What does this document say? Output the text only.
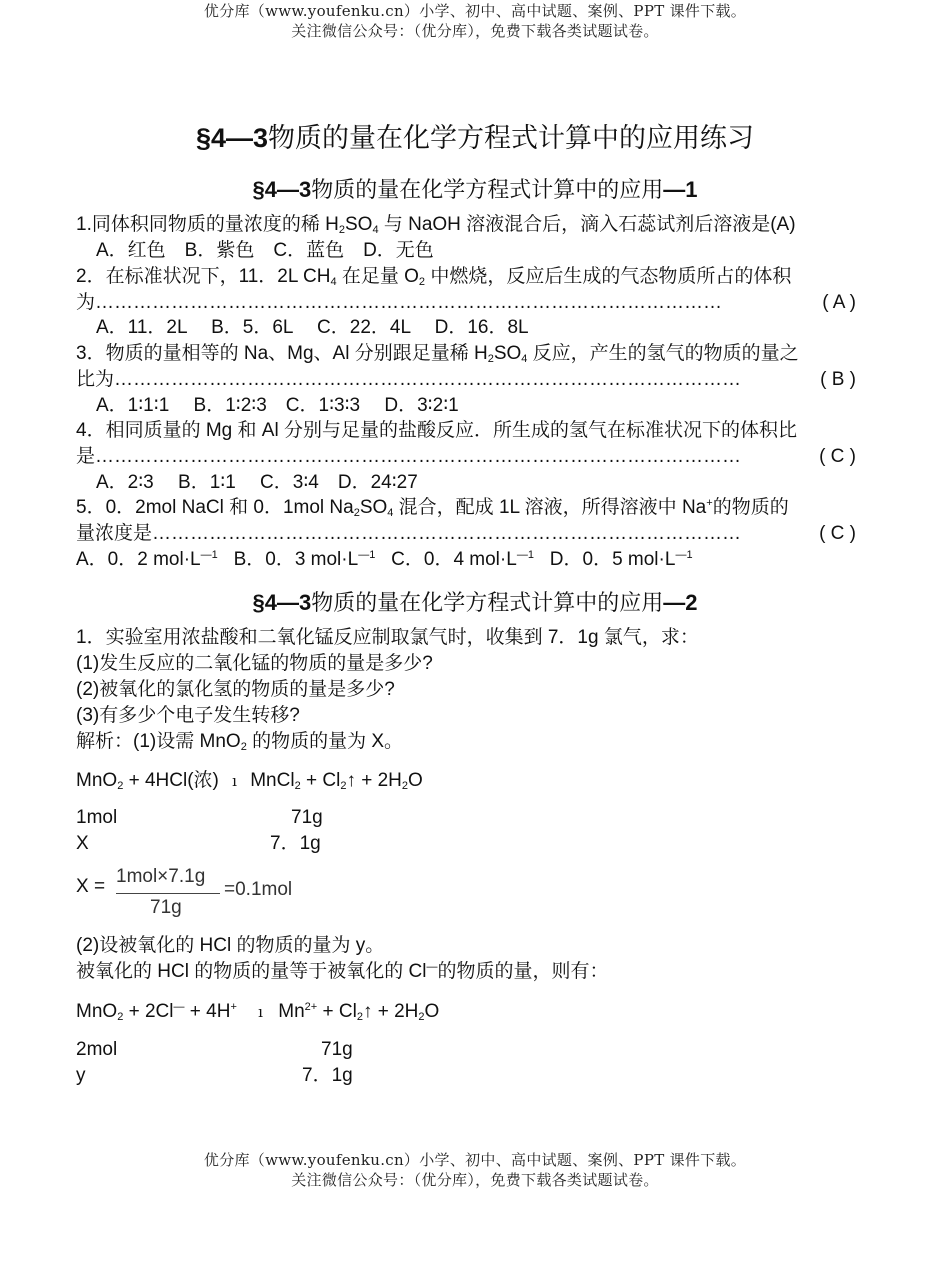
优分库（www.youfenku.cn）小学、初中、高中试题、案例、PPT 课件下载。
关注微信公众号：（优分库），免费下载各类试题试卷。
§4—3物质的量在化学方程式计算中的应用练习
§4—3物质的量在化学方程式计算中的应用—1
1.同体积同物质的量浓度的稀 $H_2SO_4$ 与 NaOH 溶液混合后，滴入石蕊试剂后溶液是(A)
A．红色　B．紫色　C．蓝色　D．无色
2．在标准状况下，11．2L $CH_4$ 在足量 $O_2$ 中燃烧，反应后生成的气态物质所占的体积
为………………………………………………………………………………………	( A )
A．11．2L　 B．5．6L　 C．22．4L　 D．16．8L
3．物质的量相等的 Na、Mg、Al 分别跟足量稀 $H_2SO_4$ 反应，产生的氢气的物质的量之
比为………………………………………………………………………………………	( B )
A．1∶1∶1　 B．1∶2∶3　C．1∶3∶3　 D．3∶2∶1
4．相同质量的 Mg 和 Al 分别与足量的盐酸反应．所生成的氢气在标准状况下的体积比
是…………………………………………………………………………………………	( C )
A．2∶3　 B．1∶1　 C．3∶4　D．24∶27
5．0．2mol NaCl 和 0．1mol $Na_2SO_4$ 混合，配成 1L 溶液，所得溶液中 Na+的物质的
量浓度是…………………………………………………………………………………	( C )
A．0．2 $mol\cdot L^{—1}$ B．0．3 $mol\cdot L^{—1}$ C．0．4 $mol\cdot L^{—1}$ D．0．5 $mol\cdot L^{—1}$
§4—3物质的量在化学方程式计算中的应用—2
1．实验室用浓盐酸和二氧化锰反应制取氯气时，收集到 7．1g 氯气，求：
(1)发生反应的二氧化锰的物质的量是多少?
(2)被氧化的氯化氢的物质的量是多少?
(3)有多少个电子发生转移?
解析：(1)设需 MnO$_2$ 的物质的量为 X。
MnO$_2$ + 4HCl(浓) ı MnCl$_2$ + $Cl_2↑ + 2H_2O$
1mol	71g
X	7．1g
X = 1mol×7.1g
71g
=0.1mol
(2)设被氧化的 HCl 的物质的量为 y。
被氧化的 HCl 的物质的量等于被氧化的 Cl—的物质的量，则有：
MnO$_2$ + 2Cl— + 4H+ ı $Mn^{2+}$ + $Cl_2↑ + 2H_2O$
2mol	71g
y	7．1g
优分库（www.youfenku.cn）小学、初中、高中试题、案例、PPT 课件下载。
关注微信公众号：（优分库），免费下载各类试题试卷。
